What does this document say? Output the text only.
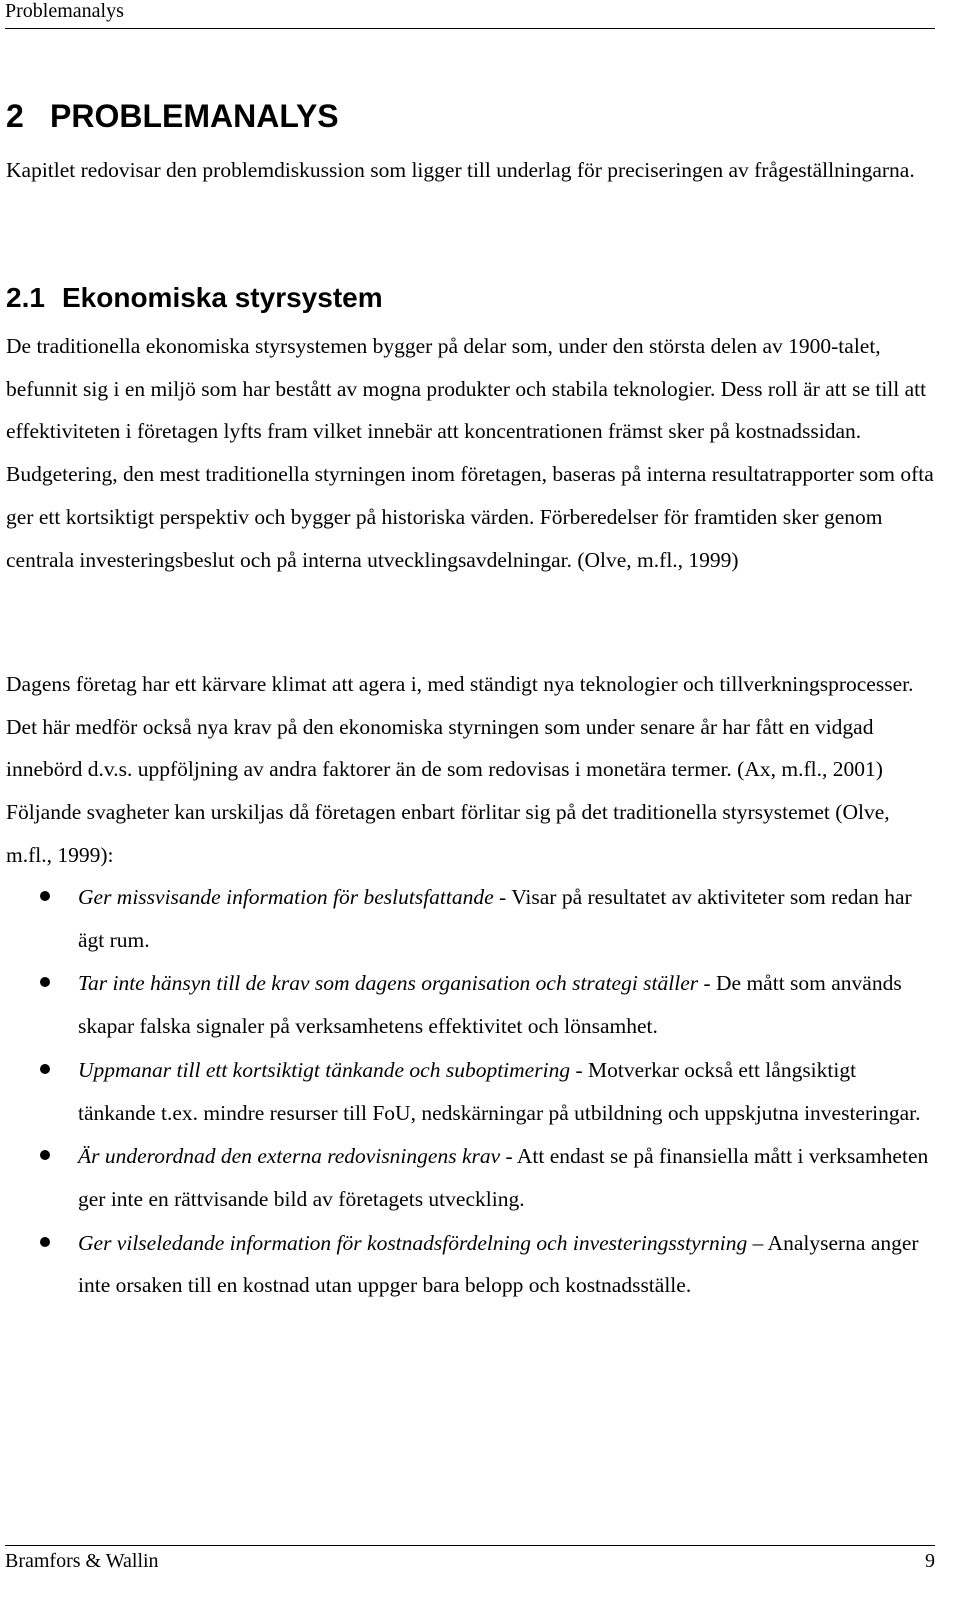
Problemanalys
2 PROBLEMANALYS

Kapitlet redovisar den problemdiskussion som ligger till underlag för preciseringen av frågeställningarna.

2.1 Ekonomiska styrsystem

De traditionella ekonomiska styrsystemen bygger på delar som, under den största delen av 1900-talet, befunnit sig i en miljö som har bestått av mogna produkter och stabila teknologier. Dess roll är att se till att effektiviteten i företagen lyfts fram vilket innebär att koncentrationen främst sker på kostnadssidan. Budgetering, den mest traditionella styrningen inom företagen, baseras på interna resultatrapporter som ofta ger ett kortsiktigt perspektiv och bygger på historiska värden. Förberedelser för framtiden sker genom centrala investeringsbeslut och på interna utvecklingsavdelningar. (Olve, m.fl., 1999)

Dagens företag har ett kärvare klimat att agera i, med ständigt nya teknologier och tillverkningsprocesser. Det här medför också nya krav på den ekonomiska styrningen som under senare år har fått en vidgad innebörd d.v.s. uppföljning av andra faktorer än de som redovisas i monetära termer. (Ax, m.fl., 2001) Följande svagheter kan urskiljas då företagen enbart förlitar sig på det traditionella styrsystemet (Olve, m.fl., 1999):

Ger missvisande information för beslutsfattande - Visar på resultatet av aktiviteter som redan har ägt rum.
Tar inte hänsyn till de krav som dagens organisation och strategi ställer - De mått som används skapar falska signaler på verksamhetens effektivitet och lönsamhet.
Uppmanar till ett kortsiktigt tänkande och suboptimering - Motverkar också ett långsiktigt tänkande t.ex. mindre resurser till FoU, nedskärningar på utbildning och uppskjutna investeringar.
Är underordnad den externa redovisningens krav - Att endast se på finansiella mått i verksamheten ger inte en rättvisande bild av företagets utveckling.
Ger vilseledande information för kostnadsfördelning och investeringsstyrning – Analyserna anger inte orsaken till en kostnad utan uppger bara belopp och kostnadsställe.
Bramfors & Wallin	9
